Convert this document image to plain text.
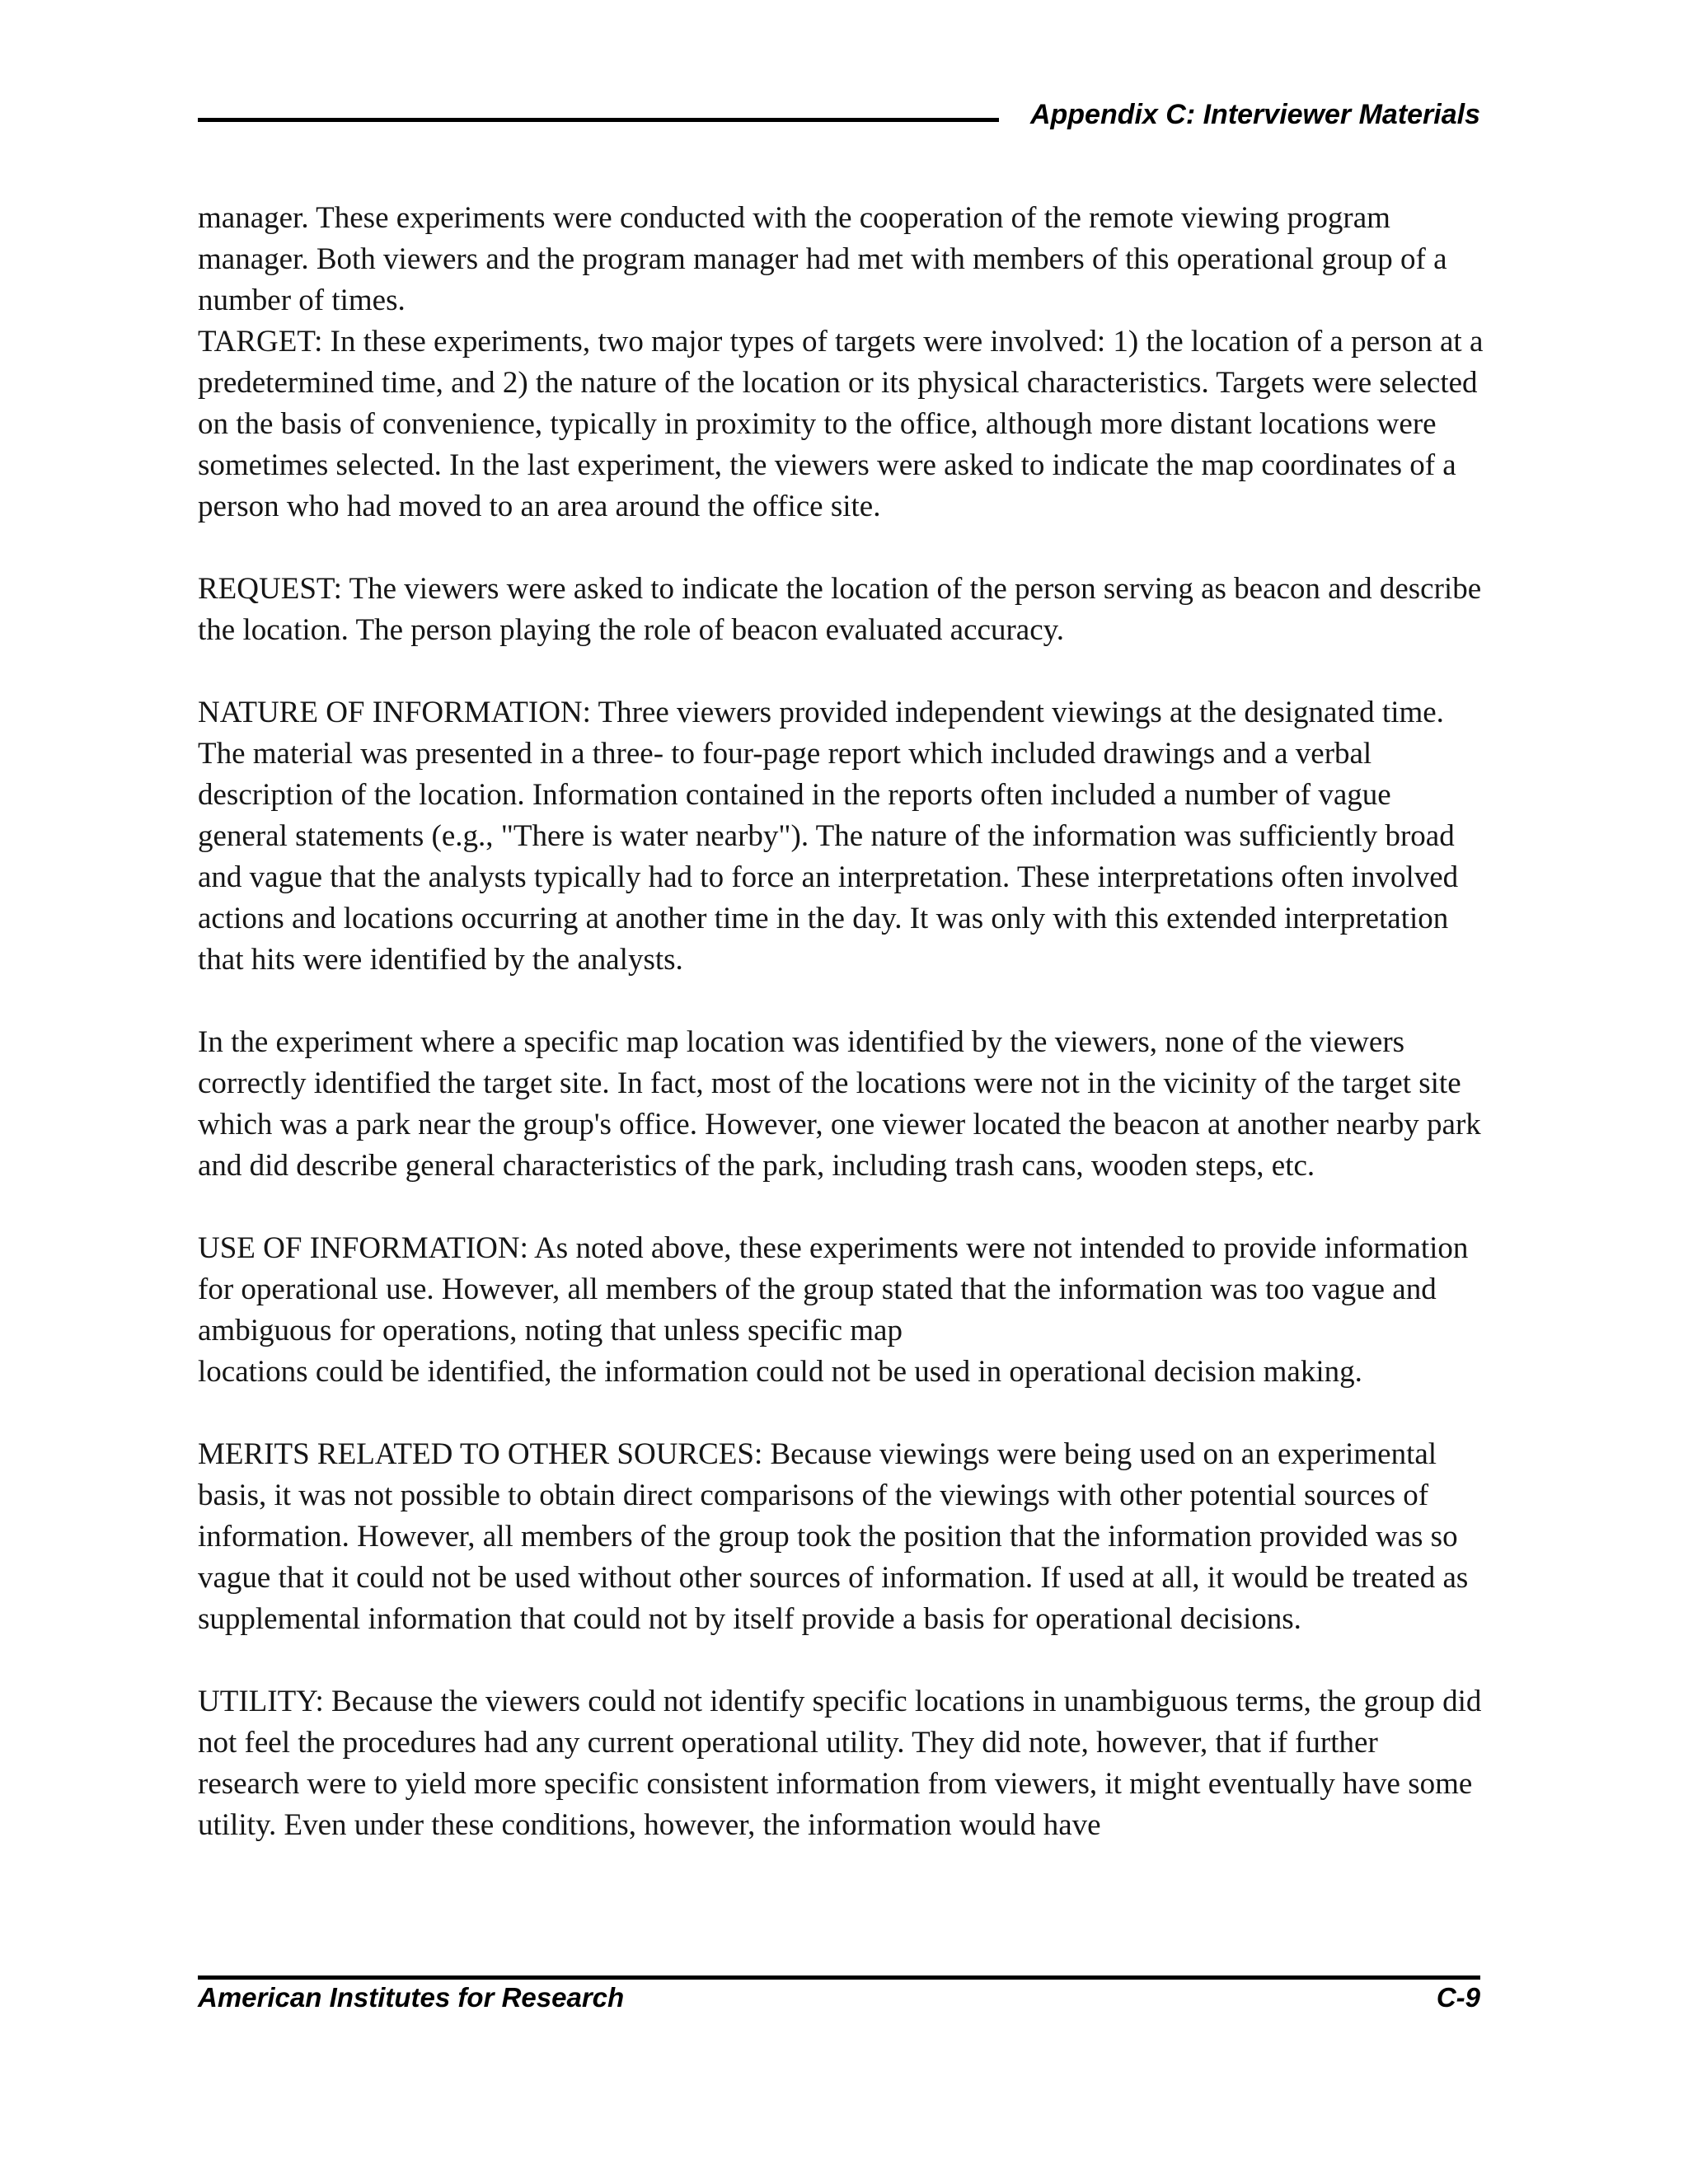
Appendix C: Interviewer Materials

manager. These experiments were conducted with the cooperation of the remote viewing program manager. Both viewers and the program manager had met with members of this operational group of a number of times.

TARGET: In these experiments, two major types of targets were involved: 1) the location of a person at a predetermined time, and 2) the nature of the location or its physical characteristics. Targets were selected on the basis of convenience, typically in proximity to the office, although more distant locations were sometimes selected. In the last experiment, the viewers were asked to indicate the map coordinates of a person who had moved to an area around the office site.

REQUEST: The viewers were asked to indicate the location of the person serving as beacon and describe the location. The person playing the role of beacon evaluated accuracy.

NATURE OF INFORMATION: Three viewers provided independent viewings at the designated time. The material was presented in a three- to four-page report which included drawings and a verbal description of the location. Information contained in the reports often included a number of vague general statements (e.g., "There is water nearby"). The nature of the information was sufficiently broad and vague that the analysts typically had to force an interpretation. These interpretations often involved actions and locations occurring at another time in the day. It was only with this extended interpretation that hits were identified by the analysts.

In the experiment where a specific map location was identified by the viewers, none of the viewers correctly identified the target site. In fact, most of the locations were not in the vicinity of the target site which was a park near the group's office. However, one viewer located the beacon at another nearby park and did describe general characteristics of the park, including trash cans, wooden steps, etc.

USE OF INFORMATION: As noted above, these experiments were not intended to provide information for operational use. However, all members of the group stated that the information was too vague and ambiguous for operations, noting that unless specific map

locations could be identified, the information could not be used in operational decision making.

MERITS RELATED TO OTHER SOURCES: Because viewings were being used on an experimental basis, it was not possible to obtain direct comparisons of the viewings with other potential sources of information. However, all members of the group took the position that the information provided was so vague that it could not be used without other sources of information. If used at all, it would be treated as supplemental information that could not by itself provide a basis for operational decisions.

UTILITY: Because the viewers could not identify specific locations in unambiguous terms, the group did not feel the procedures had any current operational utility. They did note, however, that if further research were to yield more specific consistent information from viewers, it might eventually have some utility. Even under these conditions, however, the information would have

American Institutes for Research	C-9
